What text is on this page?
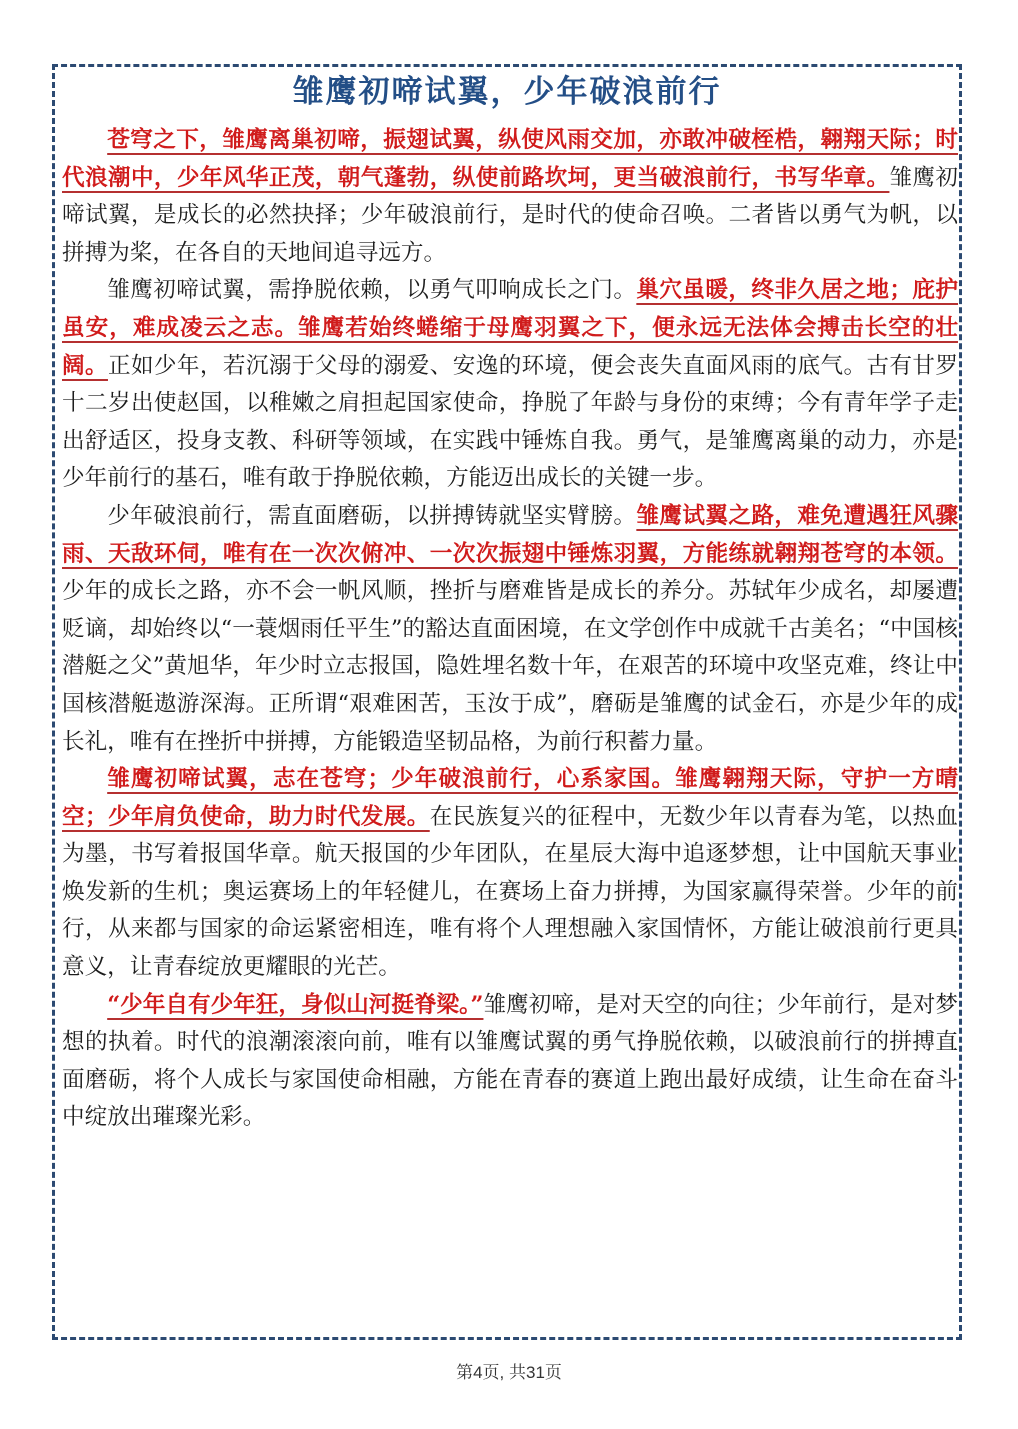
雏鹰初啼试翼，少年破浪前行

苍穹之下，雏鹰离巢初啼，振翅试翼，纵使风雨交加，亦敢冲破桎梏，翱翔天际；时代浪潮中，少年风华正茂，朝气蓬勃，纵使前路坎坷，更当破浪前行，书写华章。雏鹰初啼试翼，是成长的必然抉择；少年破浪前行，是时代的使命召唤。二者皆以勇气为帆，以拼搏为桨，在各自的天地间追寻远方。

雏鹰初啼试翼，需挣脱依赖，以勇气叩响成长之门。巢穴虽暖，终非久居之地；庇护虽安，难成凌云之志。雏鹰若始终蜷缩于母鹰羽翼之下，便永远无法体会搏击长空的壮阔。正如少年，若沉溺于父母的溺爱、安逸的环境，便会丧失直面风雨的底气。古有甘罗十二岁出使赵国，以稚嫩之肩担起国家使命，挣脱了年龄与身份的束缚；今有青年学子走出舒适区，投身支教、科研等领域，在实践中锤炼自我。勇气，是雏鹰离巢的动力，亦是少年前行的基石，唯有敢于挣脱依赖，方能迈出成长的关键一步。

少年破浪前行，需直面磨砺，以拼搏铸就坚实臂膀。雏鹰试翼之路，难免遭遇狂风骤雨、天敌环伺，唯有在一次次俯冲、一次次振翅中锤炼羽翼，方能练就翱翔苍穹的本领。少年的成长之路，亦不会一帆风顺，挫折与磨难皆是成长的养分。苏轼年少成名，却屡遭贬谪，却始终以“一蓑烟雨任平生”的豁达直面困境，在文学创作中成就千古美名；“中国核潜艇之父”黄旭华，年少时立志报国，隐姓埋名数十年，在艰苦的环境中攻坚克难，终让中国核潜艇遨游深海。正所谓“艰难困苦，玉汝于成”，磨砺是雏鹰的试金石，亦是少年的成长礼，唯有在挫折中拼搏，方能锻造坚韧品格，为前行积蓄力量。

雏鹰初啼试翼，志在苍穹；少年破浪前行，心系家国。雏鹰翱翔天际，守护一方晴空；少年肩负使命，助力时代发展。在民族复兴的征程中，无数少年以青春为笔，以热血为墨，书写着报国华章。航天报国的少年团队，在星辰大海中追逐梦想，让中国航天事业焕发新的生机；奥运赛场上的年轻健儿，在赛场上奋力拼搏，为国家赢得荣誉。少年的前行，从来都与国家的命运紧密相连，唯有将个人理想融入家国情怀，方能让破浪前行更具意义，让青春绽放更耀眼的光芒。

“少年自有少年狂，身似山河挺脊梁。”雏鹰初啼，是对天空的向往；少年前行，是对梦想的执着。时代的浪潮滚滚向前，唯有以雏鹰试翼的勇气挣脱依赖，以破浪前行的拼搏直面磨砺，将个人成长与家国使命相融，方能在青春的赛道上跑出最好成绩，让生命在奋斗中绽放出璀璨光彩。

第4页, 共31页
